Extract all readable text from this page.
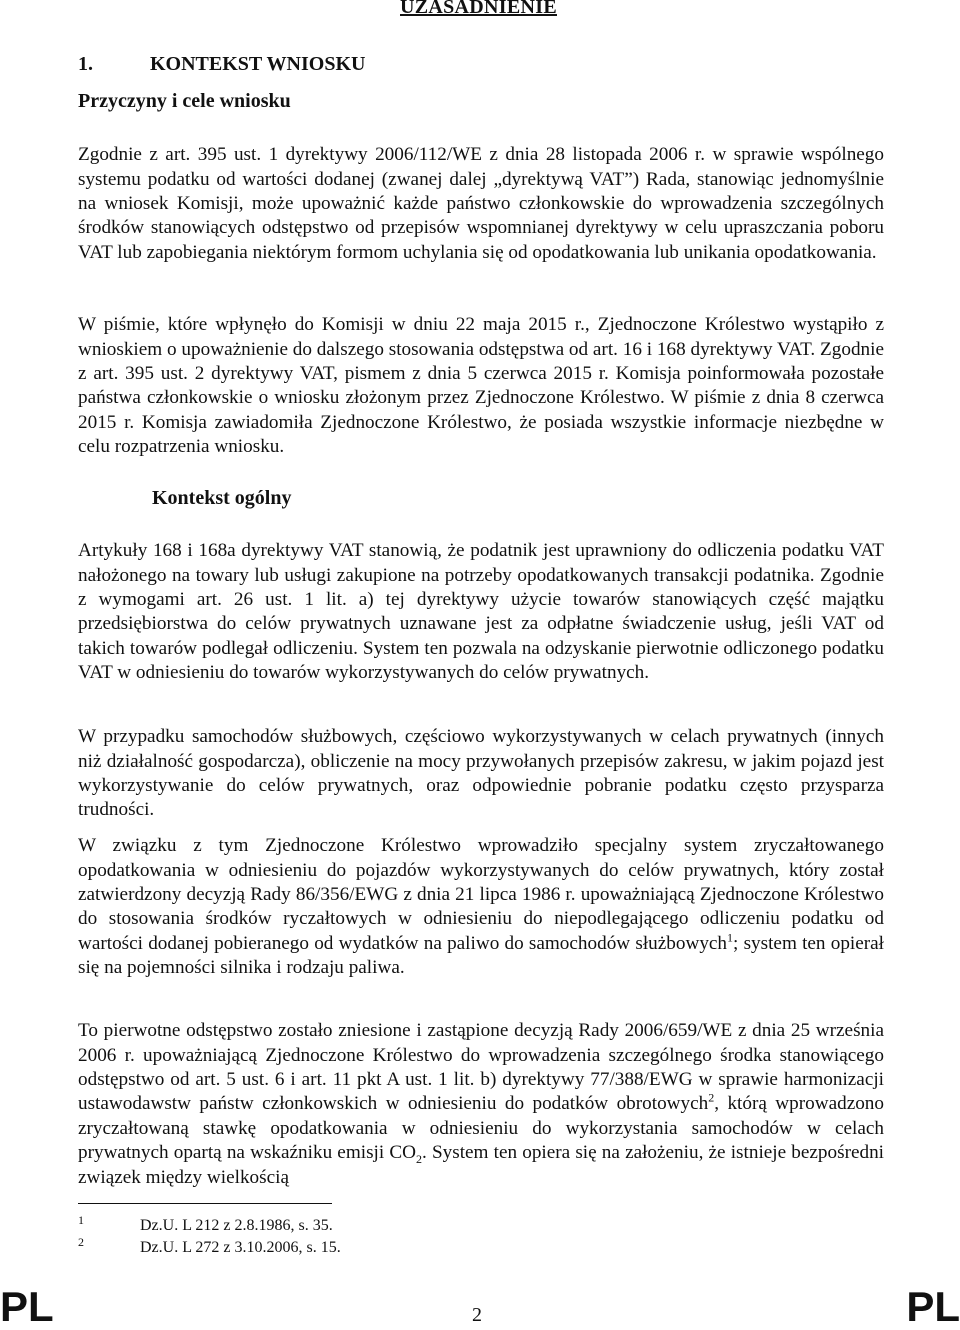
UZASADNIENIE
1.	KONTEKST WNIOSKU
Przyczyny i cele wniosku

Zgodnie z art. 395 ust. 1 dyrektywy 2006/112/WE z dnia 28 listopada 2006 r. w sprawie wspólnego systemu podatku od wartości dodanej (zwanej dalej „dyrektywą VAT”) Rada, stanowiąc jednomyślnie na wniosek Komisji, może upoważnić każde państwo członkowskie do wprowadzenia szczególnych środków stanowiących odstępstwo od przepisów wspomnianej dyrektywy w celu upraszczania poboru VAT lub zapobiegania niektórym formom uchylania się od opodatkowania lub unikania opodatkowania.

W piśmie, które wpłynęło do Komisji w dniu 22 maja 2015 r., Zjednoczone Królestwo wystąpiło z wnioskiem o upoważnienie do dalszego stosowania odstępstwa od art. 16 i 168 dyrektywy VAT. Zgodnie z art. 395 ust. 2 dyrektywy VAT, pismem z dnia 5 czerwca 2015 r. Komisja poinformowała pozostałe państwa członkowskie o wniosku złożonym przez Zjednoczone Królestwo. W piśmie z dnia 8 czerwca 2015 r. Komisja zawiadomiła Zjednoczone Królestwo, że posiada wszystkie informacje niezbędne w celu rozpatrzenia wniosku.

Kontekst ogólny

Artykuły 168 i 168a dyrektywy VAT stanowią, że podatnik jest uprawniony do odliczenia podatku VAT nałożonego na towary lub usługi zakupione na potrzeby opodatkowanych transakcji podatnika. Zgodnie z wymogami art. 26 ust. 1 lit. a) tej dyrektywy użycie towarów stanowiących część majątku przedsiębiorstwa do celów prywatnych uznawane jest za odpłatne świadczenie usług, jeśli VAT od takich towarów podlegał odliczeniu. System ten pozwala na odzyskanie pierwotnie odliczonego podatku VAT w odniesieniu do towarów wykorzystywanych do celów prywatnych.

W przypadku samochodów służbowych, częściowo wykorzystywanych w celach prywatnych (innych niż działalność gospodarcza), obliczenie na mocy przywołanych przepisów zakresu, w jakim pojazd jest wykorzystywanie do celów prywatnych, oraz odpowiednie pobranie podatku często przysparza trudności.

W związku z tym Zjednoczone Królestwo wprowadziło specjalny system zryczałtowanego opodatkowania w odniesieniu do pojazdów wykorzystywanych do celów prywatnych, który został zatwierdzony decyzją Rady 86/356/EWG z dnia 21 lipca 1986 r. upoważniającą Zjednoczone Królestwo do stosowania środków ryczałtowych w odniesieniu do niepodlegającego odliczeniu podatku od wartości dodanej pobieranego od wydatków na paliwo do samochodów służbowych$^1$; system ten opierał się na pojemności silnika i rodzaju paliwa.

To pierwotne odstępstwo zostało zniesione i zastąpione decyzją Rady 2006/659/WE z dnia 25 września 2006 r. upoważniającą Zjednoczone Królestwo do wprowadzenia szczególnego środka stanowiącego odstępstwo od art. 5 ust. 6 i art. 11 pkt A ust. 1 lit. b) dyrektywy 77/388/EWG w sprawie harmonizacji ustawodawstw państw członkowskich w odniesieniu do podatków obrotowych$^2$, którą wprowadzono zryczałtowaną stawkę opodatkowania w odniesieniu do wykorzystania samochodów w celach prywatnych opartą na wskaźniku emisji $CO_2$. System ten opiera się na założeniu, że istnieje bezpośredni związek między wielkością

1	Dz.U. L 212 z 2.8.1986, s. 35.
2	Dz.U. L 272 z 3.10.2006, s. 15.
PL	2	PL
